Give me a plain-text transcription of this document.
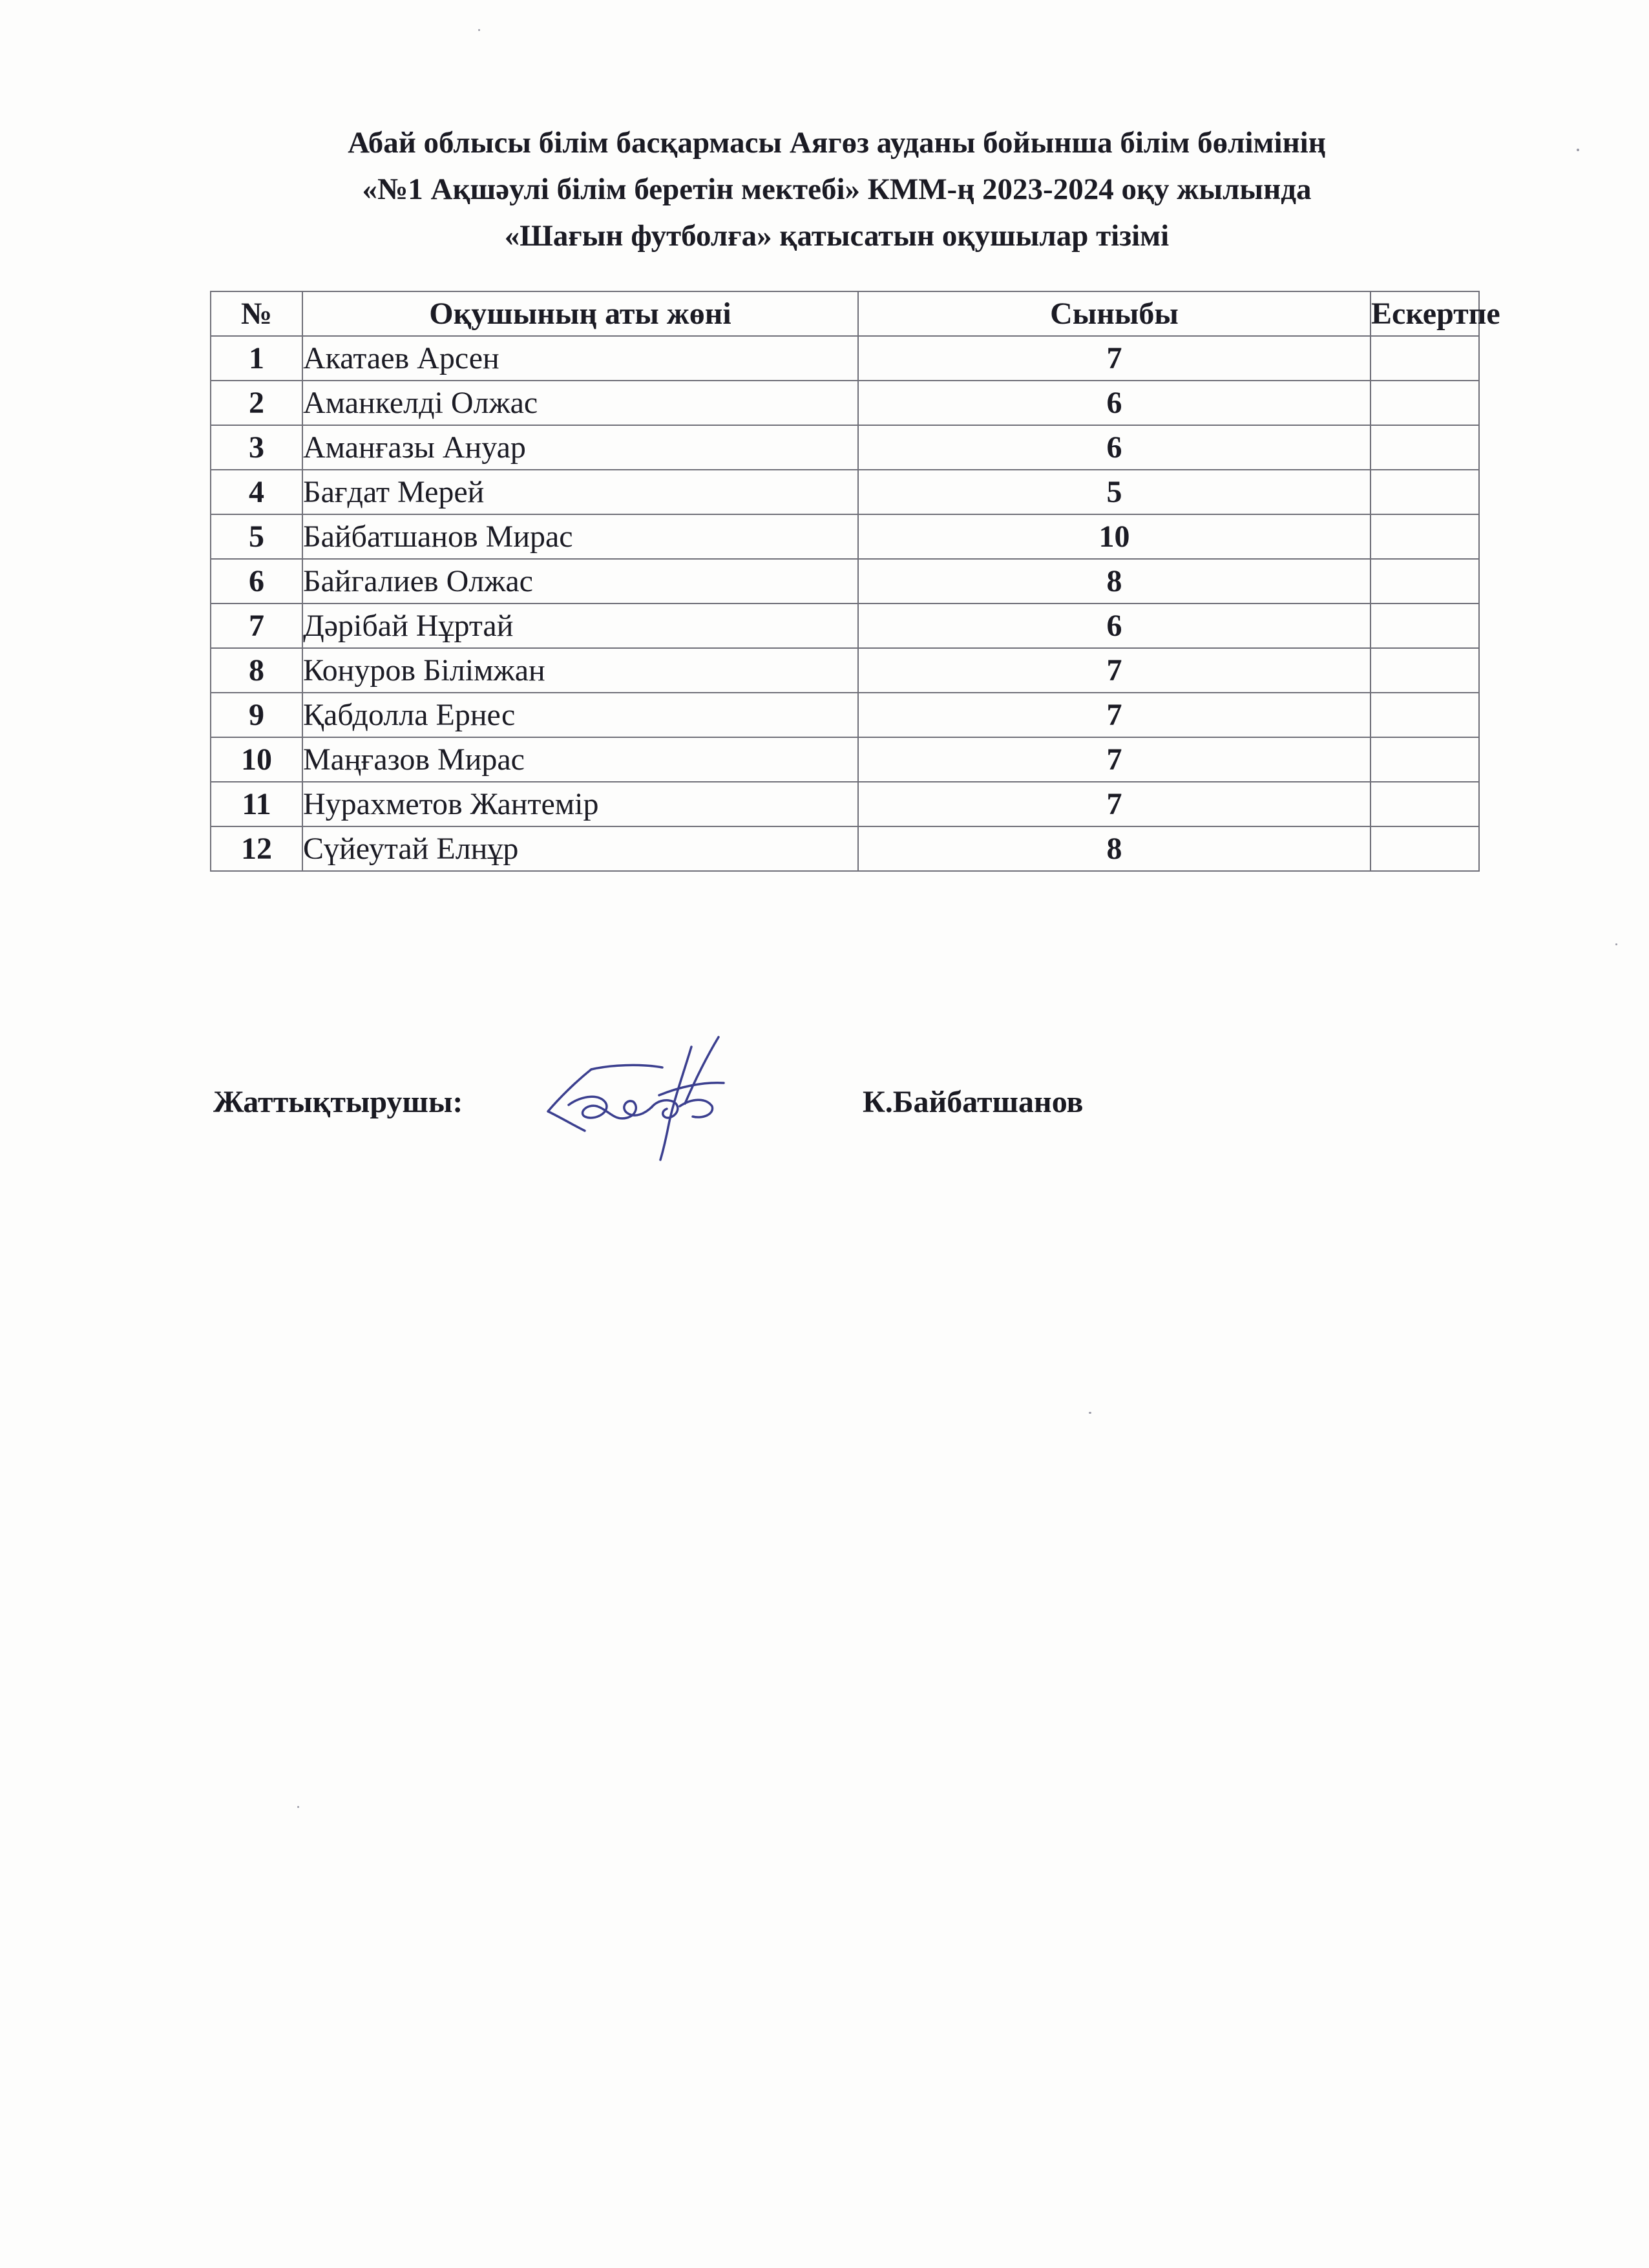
Абай облысы білім басқармасы Аягөз ауданы бойынша білім бөлімінің
«№1 Ақшәулі білім беретін мектебі» КММ-ң 2023-2024 оқу жылында
«Шағын футболға» қатысатын оқушылар тізімі
№	Оқушының аты жөні	Сыныбы	Ескертпе
1	Акатаев Арсен	7	
2	Аманкелді Олжас	6	
3	Аманғазы Ануар	6	
4	Бағдат Мерей	5	
5	Байбатшанов Мирас	10	
6	Байгалиев Олжас	8	
7	Дәрібай Нұртай	6	
8	Конуров Білімжан	7	
9	Қабдолла Ернес	7	
10	Маңғазов Мирас	7	
11	Нурахметов Жантемір	7	
12	Сүйеутай Елнұр	8	
Жаттықтырушы:	К.Байбатшанов
